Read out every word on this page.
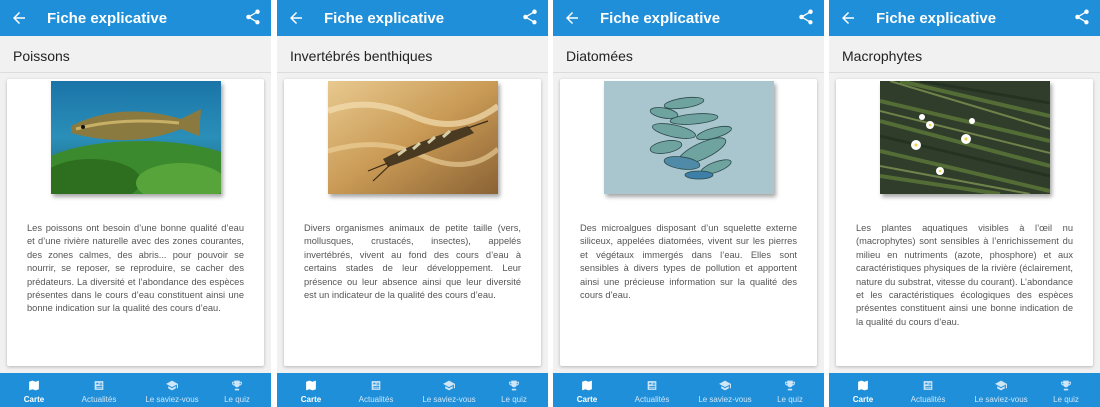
Fiche explicative
Poissons

Les poissons ont besoin d’une bonne qualité d’eau et d’une rivière naturelle avec des zones courantes, des zones calmes, des abris... pour pouvoir se nourrir, se reposer, se reproduire, se cacher des prédateurs. La diversité et l’abondance des espèces présentes dans le cours d’eau constituent ainsi une bonne indication sur la qualité des cours d’eau.

Carte	Actualités	Le saviez-vous	Le quiz
Fiche explicative
Invertébrés benthiques

Divers organismes animaux de petite taille (vers, mollusques, crustacés, insectes), appelés invertébrés, vivent au fond des cours d’eau à certains stades de leur développement. Leur présence ou leur absence ainsi que leur diversité est un indicateur de la qualité des cours d’eau.

Carte	Actualités	Le saviez-vous	Le quiz
Fiche explicative
Diatomées

Des microalgues disposant d’un squelette externe siliceux, appelées diatomées, vivent sur les pierres et végétaux immergés dans l’eau. Elles sont sensibles à divers types de pollution et apportent ainsi une précieuse information sur la qualité des cours d’eau.

Carte	Actualités	Le saviez-vous	Le quiz
Fiche explicative
Macrophytes

Les plantes aquatiques visibles à l’œil nu (macrophytes) sont sensibles à l’enrichissement du milieu en nutriments (azote, phosphore) et aux caractéristiques physiques de la rivière (éclairement, nature du substrat, vitesse du courant). L’abondance et les caractéristiques écologiques des espèces présentes constituent ainsi une bonne indication de la qualité du cours d’eau.

Carte	Actualités	Le saviez-vous	Le quiz
